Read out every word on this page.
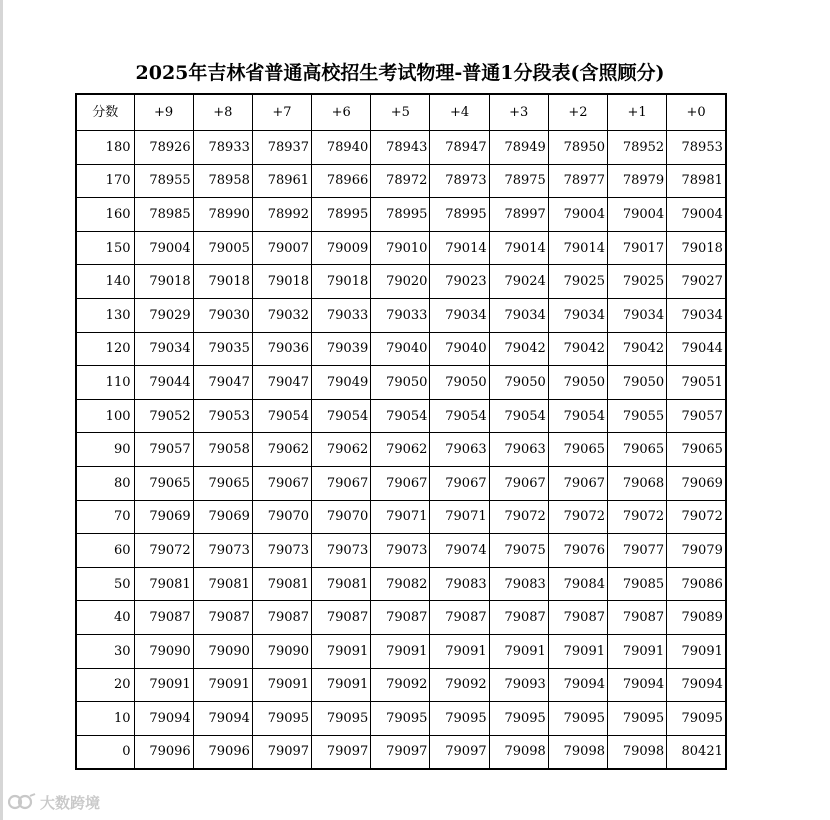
2025年吉林省普通高校招生考试物理-普通1分段表(含照顾分)
分数	+9	+8	+7	+6	+5	+4	+3	+2	+1	+0
180	78926	78933	78937	78940	78943	78947	78949	78950	78952	78953
170	78955	78958	78961	78966	78972	78973	78975	78977	78979	78981
160	78985	78990	78992	78995	78995	78995	78997	79004	79004	79004
150	79004	79005	79007	79009	79010	79014	79014	79014	79017	79018
140	79018	79018	79018	79018	79020	79023	79024	79025	79025	79027
130	79029	79030	79032	79033	79033	79034	79034	79034	79034	79034
120	79034	79035	79036	79039	79040	79040	79042	79042	79042	79044
110	79044	79047	79047	79049	79050	79050	79050	79050	79050	79051
100	79052	79053	79054	79054	79054	79054	79054	79054	79055	79057
90	79057	79058	79062	79062	79062	79063	79063	79065	79065	79065
80	79065	79065	79067	79067	79067	79067	79067	79067	79068	79069
70	79069	79069	79070	79070	79071	79071	79072	79072	79072	79072
60	79072	79073	79073	79073	79073	79074	79075	79076	79077	79079
50	79081	79081	79081	79081	79082	79083	79083	79084	79085	79086
40	79087	79087	79087	79087	79087	79087	79087	79087	79087	79089
30	79090	79090	79090	79091	79091	79091	79091	79091	79091	79091
20	79091	79091	79091	79091	79092	79092	79093	79094	79094	79094
10	79094	79094	79095	79095	79095	79095	79095	79095	79095	79095
0	79096	79096	79097	79097	79097	79097	79098	79098	79098	80421
大数跨境
